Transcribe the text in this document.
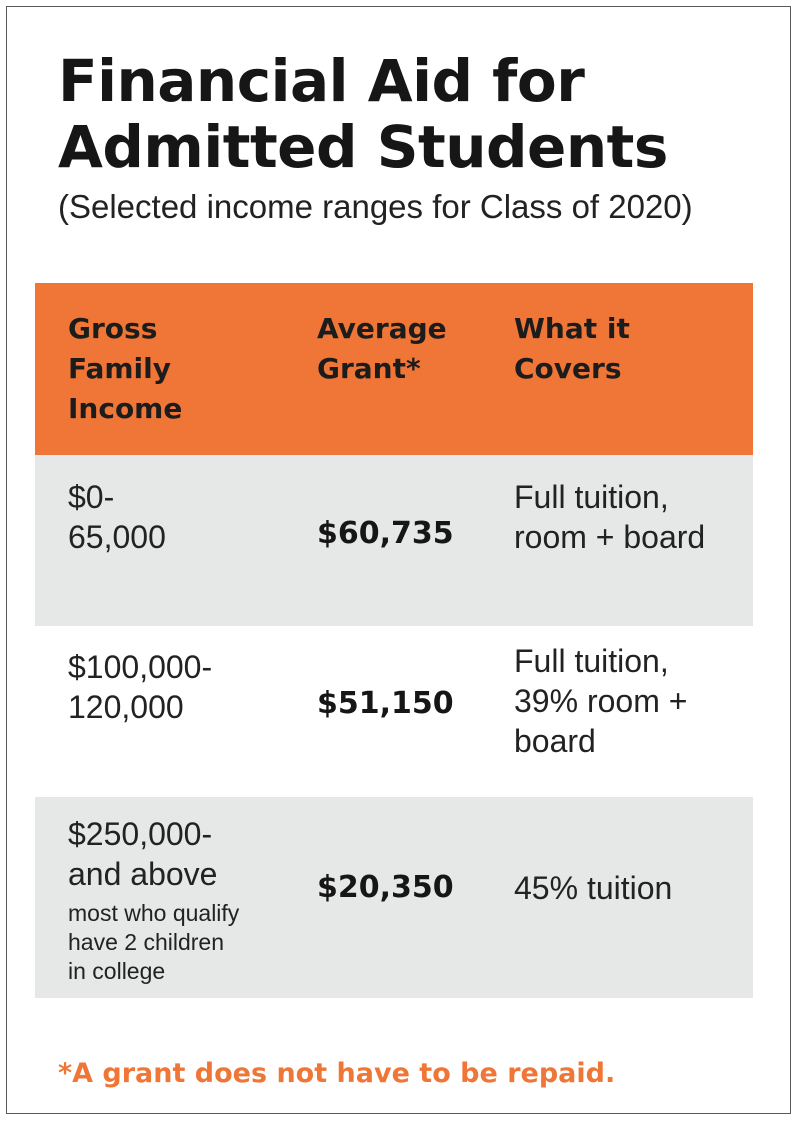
Financial Aid for
Admitted Students
(Selected income ranges for Class of 2020)
Gross
Family
Income
Average
Grant*
What it
Covers
$0-
65,000	$60,735
Full tuition,
room + board
$100,000-
120,000	$51,150
Full tuition,
39% room +
board
$250,000-
and above
most who qualify
have 2 children
in college
$20,350 45% tuition
*A grant does not have to be repaid.
